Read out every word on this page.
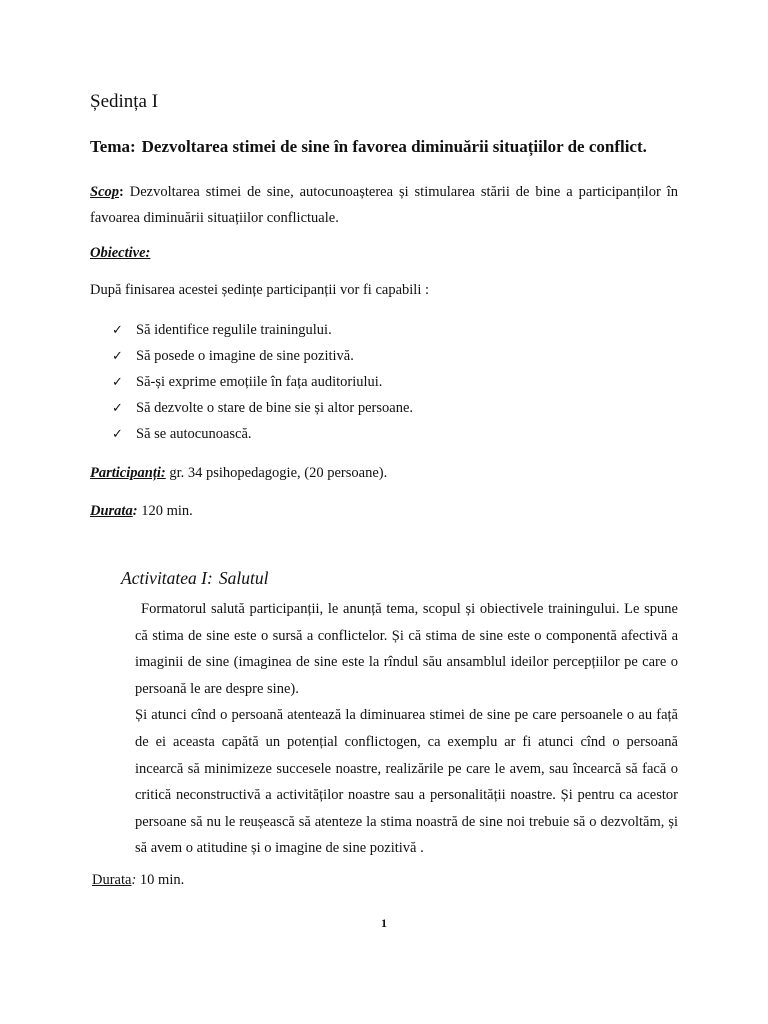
Ședința I
Tema: Dezvoltarea stimei de sine în favorea diminuării situațiilor de conflict.
Scop: Dezvoltarea stimei de sine, autocunoașterea și stimularea stării de bine a participanților în favoarea diminuării situațiilor conflictuale.
Obiective:
După finisarea acestei ședințe participanții vor fi capabili :
✓ Să identifice regulile trainingului.
✓ Să posede o imagine de sine pozitivă.
✓ Să-și exprime emoțiile în fața auditoriului.
✓ Să dezvolte o stare de bine sie și altor persoane.
✓ Să se autocunoască.
Participanți: gr. 34 psihopedagogie, (20 persoane).
Durata: 120 min.
Activitatea I: Salutul

Formatorul salută participanții, le anunță tema, scopul și obiectivele trainingului. Le spune că stima de sine este o sursă a conflictelor. Și că stima de sine este o componentă afectivă a imaginii de sine (imaginea de sine este la rîndul său ansamblul ideilor percepțiilor pe care o persoană le are despre sine).

Și atunci cînd o persoană atentează la diminuarea stimei de sine pe care persoanele o au față de ei aceasta capătă un potențial conflictogen, ca exemplu ar fi atunci cînd o persoană incearcă să minimizeze succesele noastre, realizările pe care le avem, sau încearcă să facă o critică neconstructivă a activităților noastre sau a personalității noastre. Și pentru ca acestor persoane să nu le reușească să atenteze la stima noastră de sine noi trebuie să o dezvoltăm, și să avem o atitudine și o imagine de sine pozitivă .

Durata: 10 min.
1
